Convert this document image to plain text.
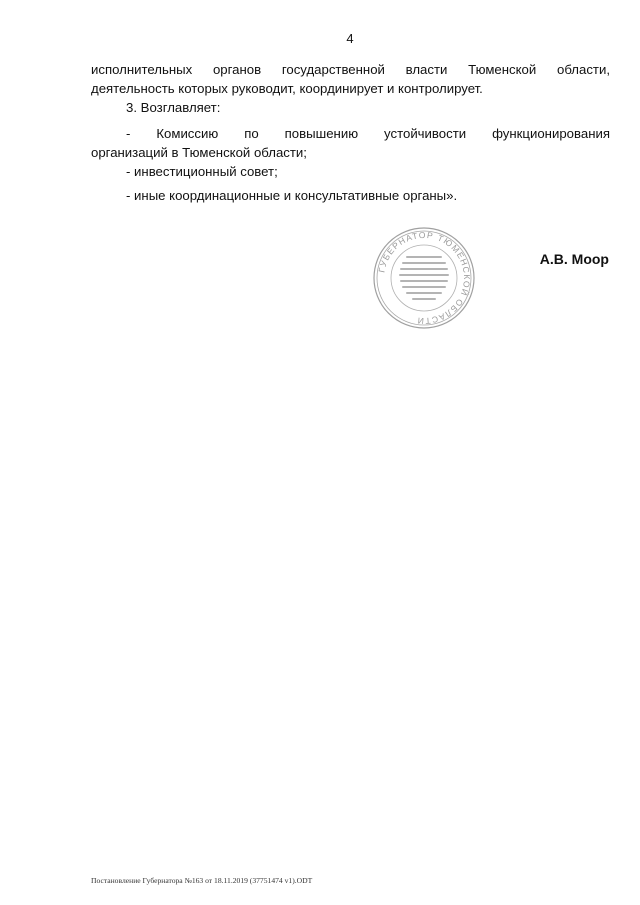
4
исполнительных органов государственной власти Тюменской области,
деятельность которых руководит, координирует и контролирует.
3. Возглавляет:
- Комиссию по повышению устойчивости функционирования
организаций в Тюменской области;
- инвестиционный совет;
- иные координационные и консультативные органы».
ГУБЕРНАТОР ТЮМЕНСКОЙ ОБЛАСТИ
А.В. Моор
Постановление Губернатора №163 от 18.11.2019 (37751474 v1).ODT
